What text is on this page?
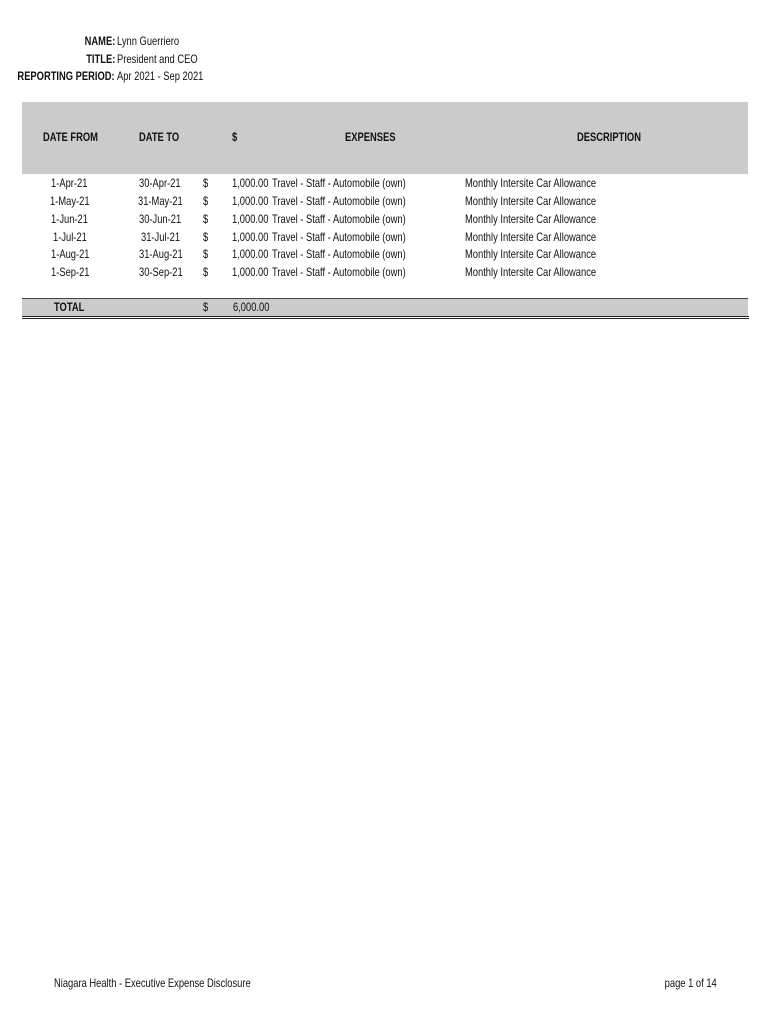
NAME: Lynn Guerriero
TITLE: President and CEO
REPORTING PERIOD: Apr 2021 - Sep 2021
DATE FROM	DATE TO	$	EXPENSES	DESCRIPTION
1-Apr-21	30-Apr-21	$ 1,000.00 Travel - Staff - Automobile (own)	Monthly Intersite Car Allowance
1-May-21	31-May-21	$ 1,000.00 Travel - Staff - Automobile (own)	Monthly Intersite Car Allowance
1-Jun-21	30-Jun-21	$ 1,000.00 Travel - Staff - Automobile (own)	Monthly Intersite Car Allowance
1-Jul-21	31-Jul-21	$ 1,000.00 Travel - Staff - Automobile (own)	Monthly Intersite Car Allowance
1-Aug-21	31-Aug-21	$ 1,000.00 Travel - Staff - Automobile (own)	Monthly Intersite Car Allowance
1-Sep-21	30-Sep-21	$ 1,000.00 Travel - Staff - Automobile (own)	Monthly Intersite Car Allowance
TOTAL	$ 6,000.00
Niagara Health - Executive Expense Disclosure	page 1 of 14
